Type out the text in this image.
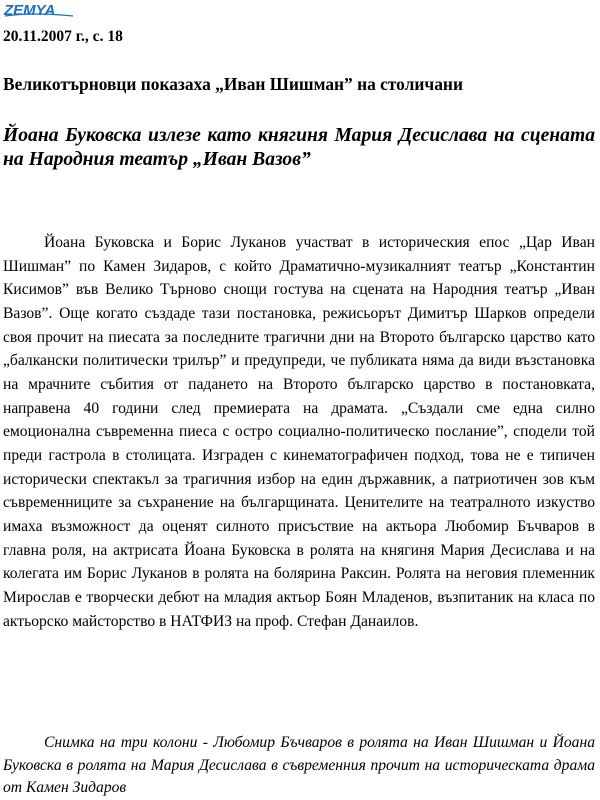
ZEMYA
20.11.2007 г., с. 18
Великотърновци показаха „Иван Шишман” на столичани
Йоана Буковска излезе като княгиня Мария Десислава на сцената на Народния театър „Иван Вазов”

Йоана Буковска и Борис Луканов участват в историческия епос „Цар Иван Шишман” по Камен Зидаров, с който Драматично-музикалният театър „Константин Кисимов” във Велико Търново снощи гостува на сцената на Народния театър „Иван Вазов”. Още когато създаде тази постановка, режисьорът Димитър Шарков определи своя прочит на пиесата за последните трагични дни на Второто българско царство като „балкански политически трилър” и предупреди, че публиката няма да види възстановка на мрачните събития от падането на Второто българско царство в постановката, направена 40 години след премиерата на драмата. „Създали сме една силно емоционална съвременна пиеса с остро социално-политическо послание”, сподели той преди гастрола в столицата. Изграден с кинематографичен подход, това не е типичен исторически спектакъл за трагичния избор на един държавник, а патриотичен зов към съвременниците за съхранение на българщината. Ценителите на театралното изкуство имаха възможност да оценят силното присъствие на актьора Любомир Бъчваров в главна роля, на актрисата Йоана Буковска в ролята на княгиня Мария Десислава и на колегата им Борис Луканов в ролята на болярина Раксин. Ролята на неговия племенник Мирослав е творчески дебют на младия актьор Боян Младенов, възпитаник на класа по актьорско майсторство в НАТФИЗ на проф. Стефан Данаилов.

Снимка на три колони - Любомир Бъчваров в ролята на Иван Шишман и Йоана Буковска в ролята на Мария Десислава в съвременния прочит на историческата драма от Камен Зидаров
